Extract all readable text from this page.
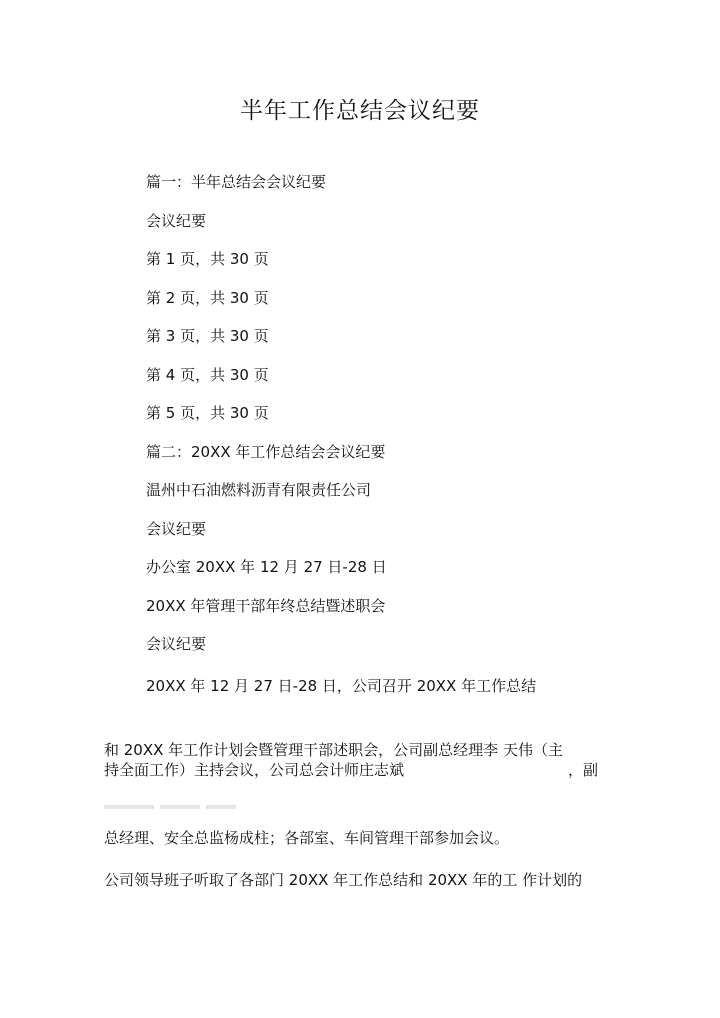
半年工作总结会议纪要
篇一：半年总结会会议纪要
会议纪要
第 1 页，共 30 页
第 2 页，共 30 页
第 3 页，共 30 页
第 4 页，共 30 页
第 5 页，共 30 页
篇二：20XX 年工作总结会会议纪要
温州中石油燃料沥青有限责任公司
会议纪要
办公室 20XX 年 12 月 27 日-28 日
20XX 年管理干部年终总结暨述职会
会议纪要
20XX 年 12 月 27 日-28 日，公司召开 20XX 年工作总结
和 20XX 年工作计划会暨管理干部述职会，公司副总经理李 天伟（主
持全面工作）主持会议，公司总会计师庄志斌	，副
总经理、安全总监杨成柱；各部室、车间管理干部参加会议。
公司领导班子听取了各部门 20XX 年工作总结和 20XX 年的工 作计划的
